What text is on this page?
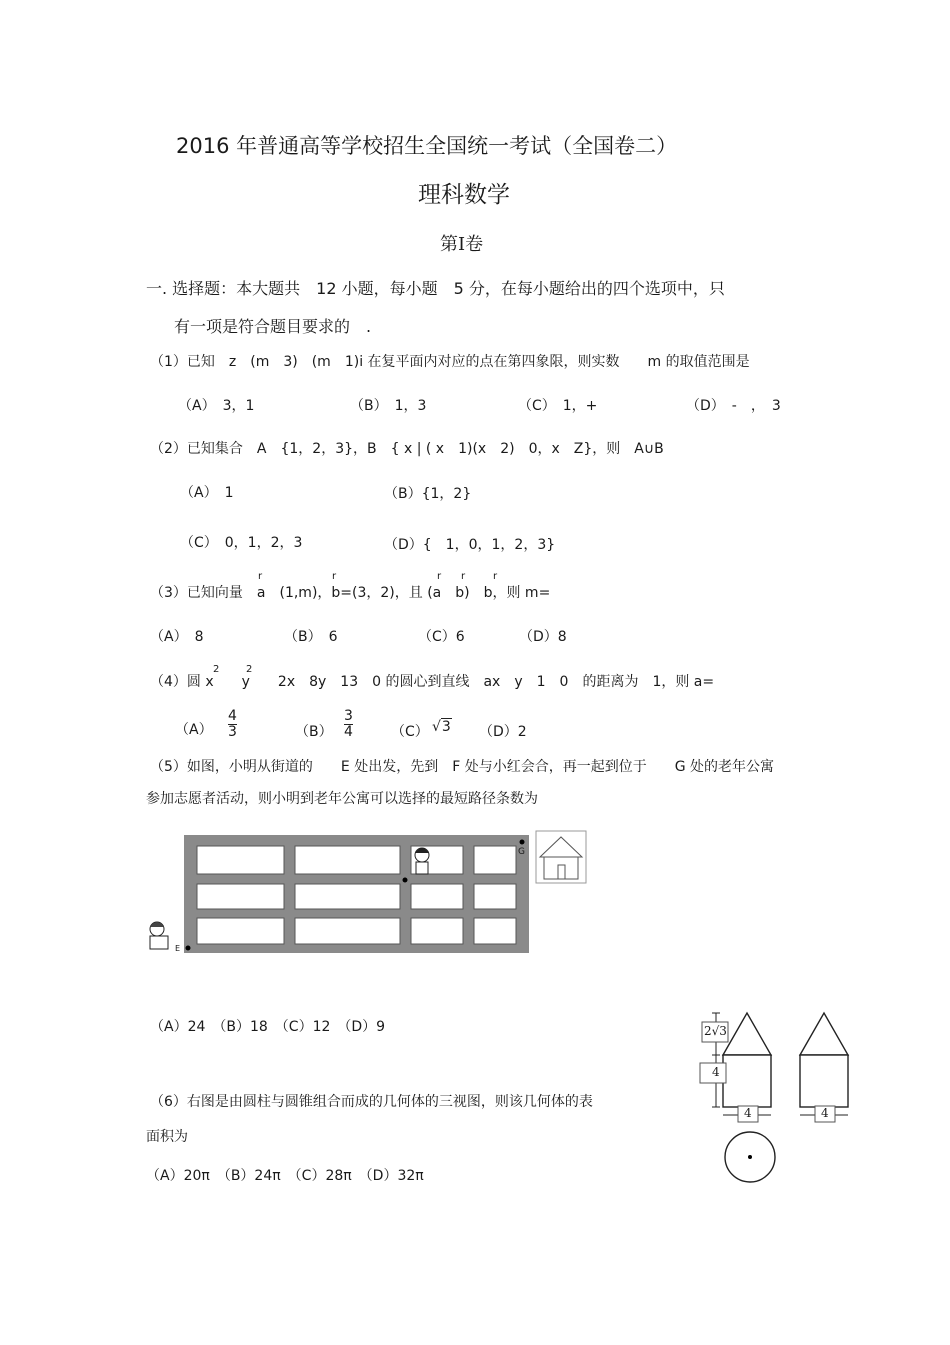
2016 年普通高等学校招生全国统一考试（全国卷二）
理科数学
第Ⅰ卷
一. 选择题：本大题共　12 小题，每小题　5 分，在每小题给出的四个选项中，只
有一项是符合题目要求的　.
（1）已知　z　(m　3)　(m　1)i 在复平面内对应的点在第四象限，则实数　　m 的取值范围是
（A）　3，1	（B）　1，3	（C）　1，+	（D）　-　，　3
（2）已知集合　A　{1，2，3}，B　{ x | ( x　1)(x　2)　0，x　Z}，则　A∪B
（A）　1	（B）{1，2}
（C）　0，1，2，3	（D）{　1，0，1，2，3}
r	r	r r	r
（3）已知向量　a　(1,m)，b=(3，2)，且 (a　b)　b，则 m=
（A）　8	（B）　6	（C）6	（D）8
2	2
（4）圆 x　　y　　2x　8y　13　0 的圆心到直线　ax　y　1　0　的距离为　1，则 a=
$(A) \frac{4}{3}$	$(B) \frac{3}{4}$	（C） √3 （D）2
（5）如图，小明从街道的　　E 处出发，先到　F 处与小红会合，再一起到位于　　G 处的老年公寓
参加志愿者活动，则小明到老年公寓可以选择的最短路径条数为
E
G
（A）24　（B）18　（C）12　（D）9
（6）右图是由圆柱与圆锥组合而成的几何体的三视图，则该几何体的表
面积为
（A）20π　（B）24π　（C）28π　（D）32π
2√3
4
4	4
